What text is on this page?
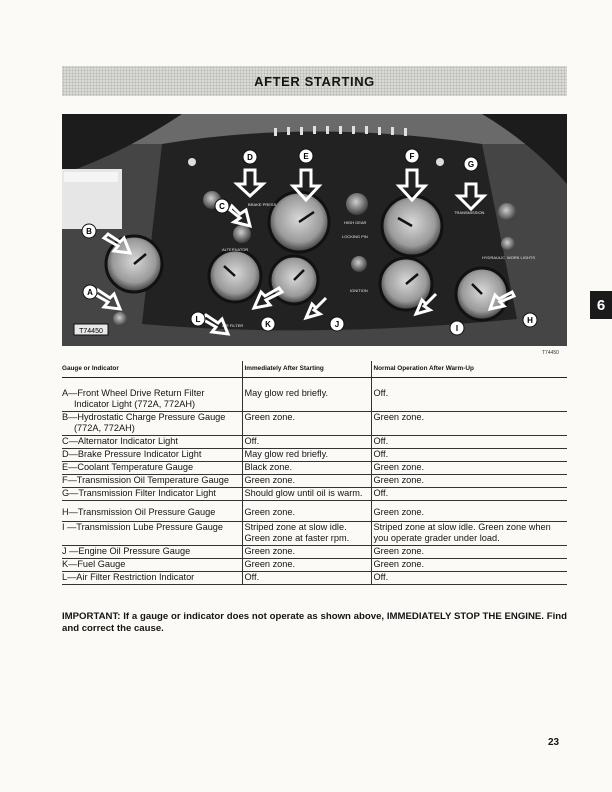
AFTER STARTING
BRAKE PRESS
HIGH GEAR
LOCKING PIN
TRANSMISSION
HYDRAULIC WORK LIGHTS
ALTERNATOR
IGNITION
AIR FILTER
A
B
C
D	E	F
G
H
I
J
K
L
T74450
T74450
6
Gauge or Indicator	Immediately After Starting	Normal Operation After Warm-Up

A—Front Wheel Drive Return Filter Indicator Light (772A, 772AH)	May glow red briefly.	Off.

B—Hydrostatic Charge Pressure Gauge (772A, 772AH)	Green zone.	Green zone.

C—Alternator Indicator Light	Off.	Off.

D—Brake Pressure Indicator Light	May glow red briefly.	Off.

E—Coolant Temperature Gauge	Black zone.	Green zone.

F—Transmission Oil Temperature Gauge	Green zone.	Green zone.

G—Transmission Filter Indicator Light	Should glow until oil is warm.	Off.

H—Transmission Oil Pressure Gauge	Green zone.	Green zone.

I —Transmission Lube Pressure Gauge	Striped zone at slow idle. Green zone at faster rpm.	Striped zone at slow idle. Green zone when you operate grader under load.

J —Engine Oil Pressure Gauge	Green zone.	Green zone.

K—Fuel Gauge	Green zone.	Green zone.

L—Air Filter Restriction Indicator	Off.	Off.
IMPORTANT: If a gauge or indicator does not operate as shown above, IMMEDIATELY STOP THE ENGINE. Find and correct the cause.
23
